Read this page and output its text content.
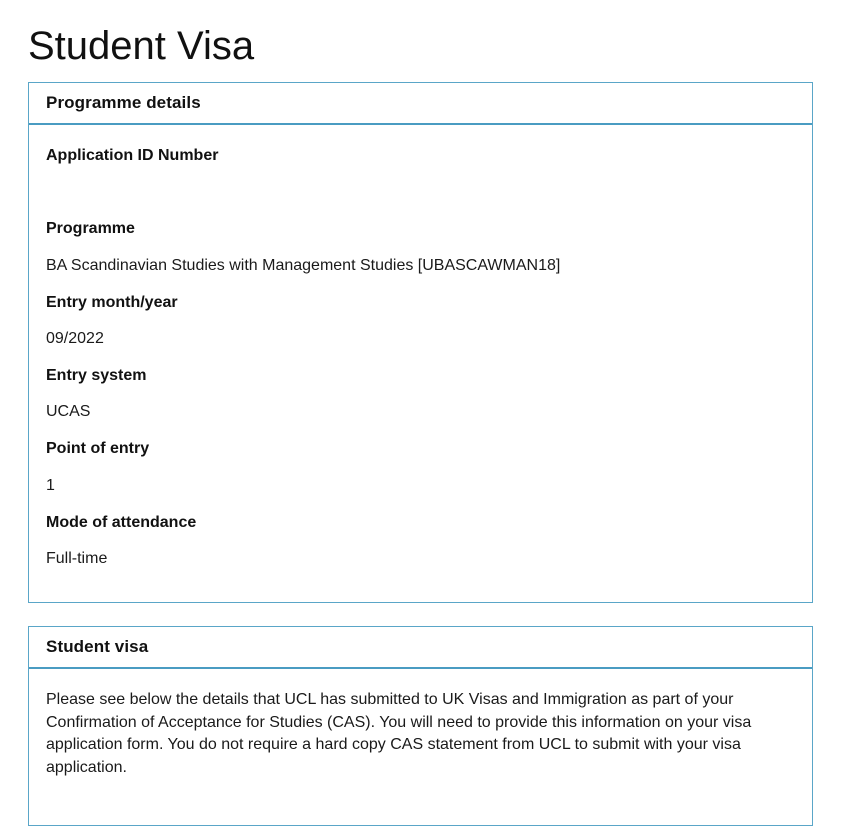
Student Visa
Programme details
Application ID Number
Programme
BA Scandinavian Studies with Management Studies [UBASCAWMAN18]
Entry month/year
09/2022
Entry system
UCAS
Point of entry
1
Mode of attendance
Full-time
Student visa

Please see below the details that UCL has submitted to UK Visas and Immigration as part of your Confirmation of Acceptance for Studies (CAS). You will need to provide this information on your visa application form. You do not require a hard copy CAS statement from UCL to submit with your visa application.
